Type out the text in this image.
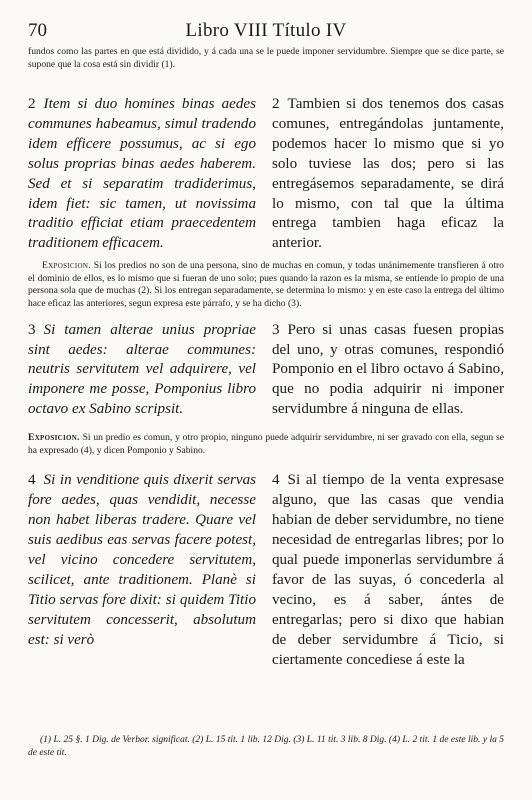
70	Libro VIII Título IV

fundos como las partes en que está dividido, y á cada una se le puede imponer servidumbre. Siempre que se dice parte, se supone que la cosa está sin dividir (1).

2 Item si duo homines binas aedes communes habeamus, simul tradendo idem efficere possumus, ac si ego solus proprias binas aedes haberem. Sed et si separatim tradiderimus, idem fiet: sic tamen, ut novissima traditio efficiat etiam praecedentem traditionem efficacem.
2 Tambien si dos tenemos dos casas comunes, entregándolas juntamente, podemos hacer lo mismo que si yo solo tuviese las dos; pero si las entregásemos separadamente, se dirá lo mismo, con tal que la última entrega tambien haga eficaz la anterior.

Exposicion. Si los predios no son de una persona, sino de muchas en comun, y todas unánimemente transfieren á otro el dominio de ellos, es lo mismo que si fueran de uno solo; pues quando la razon es la misma, se entiende lo propio de una persona sola que de muchas (2). Si los entregan separadamente, se determina lo mismo: y en este caso la entrega del último hace eficaz las anteriores, segun expresa este párrafo, y se ha dicho (3).

3 Si tamen alterae unius propriae sint aedes: alterae communes: neutris servitutem vel adquirere, vel imponere me posse, Pomponius libro octavo ex Sabino scripsit.
3 Pero si unas casas fuesen propias del uno, y otras comunes, respondió Pomponio en el libro octavo á Sabino, que no podia adquirir ni imponer servidumbre á ninguna de ellas.

Exposicion. Si un predio es comun, y otro propio, ninguno puede adquirir servidumbre, ni ser gravado con ella, segun se ha expresado (4), y dicen Pomponio y Sabino.

4 Si in venditione quis dixerit servas fore aedes, quas vendidit, necesse non habet liberas tradere. Quare vel suis aedibus eas servas facere potest, vel vicino concedere servitutem, scilicet, ante traditionem. Planè si Titio servas fore dixit: si quidem Titio servitutem concesserit, absolutum est: si verò
4 Si al tiempo de la venta expresase alguno, que las casas que vendia habian de deber servidumbre, no tiene necesidad de entregarlas libres; por lo qual puede imponerlas servidumbre á favor de las suyas, ó concederla al vecino, es á saber, ántes de entregarlas; pero si dixo que habian de deber servidumbre á Ticio, si ciertamente concediese á este la

(1) L. 25 §. 1 Dig. de Verbor. significat. (2) L. 15 tit. 1 lib. 12 Dig. (3) L. 11 tit. 3 lib. 8 Dig. (4) L. 2 tit. 1 de este lib. y la 5 de este tit.
